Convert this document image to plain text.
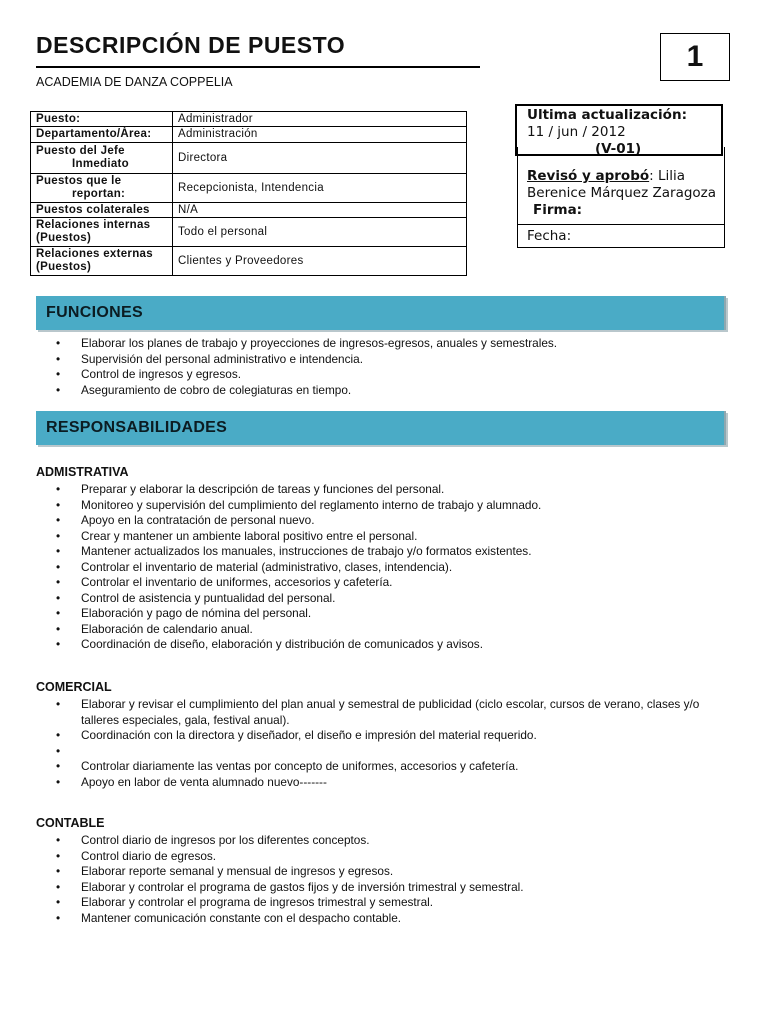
DESCRIPCIÓN DE PUESTO
ACADEMIA DE DANZA COPPELIA
1
Puesto:	Administrador
Departamento/Área:	Administración
Puesto del Jefe
Inmediato	Directora
Puestos que le
reportan:	Recepcionista, Intendencia
Puestos colaterales	N/A
Relaciones internas
(Puestos)	Todo el personal
Relaciones externas
(Puestos)	Clientes y Proveedores
Revisó y aprobó: Lilia Berenice Márquez Zaragoza
Firma:
Ultima actualización:
11 / jun / 2012
(V-01)
Fecha:
FUNCIONES
• Elaborar los planes de trabajo y proyecciones de ingresos-egresos, anuales y semestrales.
• Supervisión del personal administrativo e intendencia.
• Control de ingresos y egresos.
• Aseguramiento de cobro de colegiaturas en tiempo.
RESPONSABILIDADES
ADMISTRATIVA
• Preparar y elaborar la descripción de tareas y funciones del personal.
• Monitoreo y supervisión del cumplimiento del reglamento interno de trabajo y alumnado.
• Apoyo en la contratación de personal nuevo.
• Crear y mantener un ambiente laboral positivo entre el personal.
• Mantener actualizados los manuales, instrucciones de trabajo y/o formatos existentes.
• Controlar el inventario de material (administrativo, clases, intendencia).
• Controlar el inventario de uniformes, accesorios y cafetería.
• Control de asistencia y puntualidad del personal.
• Elaboración y pago de nómina del personal.
• Elaboración de calendario anual.
• Coordinación de diseño, elaboración y distribución de comunicados y avisos.
COMERCIAL
• Elaborar y revisar el cumplimiento del plan anual y semestral de publicidad (ciclo escolar, cursos de verano, clases y/o talleres especiales, gala, festival anual).
• Coordinación con la directora y diseñador, el diseño e impresión del material requerido.
•
• Controlar diariamente las ventas por concepto de uniformes, accesorios y cafetería.
• Apoyo en labor de venta alumnado nuevo-------
CONTABLE
• Control diario de ingresos por los diferentes conceptos.
• Control diario de egresos.
• Elaborar reporte semanal y mensual de ingresos y egresos.
• Elaborar y controlar el programa de gastos fijos y de inversión trimestral y semestral.
• Elaborar y controlar el programa de ingresos trimestral y semestral.
• Mantener comunicación constante con el despacho contable.
